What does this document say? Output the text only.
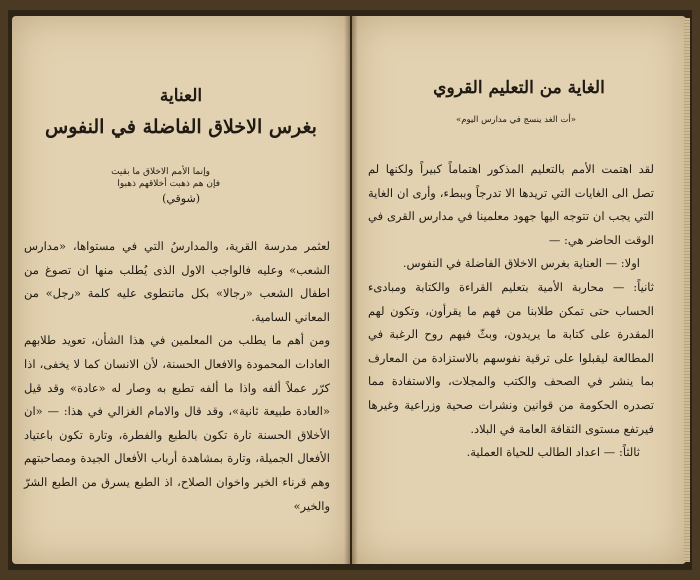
العناية
بغرس الاخلاق الفاضلة في النفوس
وإنما الأمم الاخلاق ما بقيت
فإن هم ذهبت أخلاقهم ذهبوا
(شوقي)

لعثمر مدرسة القرية، والمدارسُ التي في مستواها، «مدارس الشعب» وعليه فالواجب الاول الذى يُطلب منها ان تصوغ من اطفال الشعب «رجالا» بكل ماتنطوى عليه كلمة «رجل» من المعاني السامية.

ومن أهم ما يطلب من المعلمين في هذا الشأن، تعويد طلابهم العادات المحمودة والافعال الحسنة، لأن الانسان كما لا يخفى، اذا كرّر عملاً ألفه واذا ما ألفه تطبع به وصار له «عادة» وقد قيل «العادة طبيعة ثانية»، وقد قال والامام الغزالي في هذا: — «ان الأخلاق الحسنة تارة تكون بالطبع والفطرة، وتارة تكون باعتياد الأفعال الجميلة، وتارة بمشاهدة أرباب الأفعال الجيدة ومصاحبتهم وهم قرناء الخير واخوان الصلاح، اذ الطبع يسرق من الطبع الشرّ والخير»

الغاية من التعليم القروي
«أت الغد ينسج في مدارس اليوم»

لقد اهتمت الأمم بالتعليم المذكور اهتماماً كبيراً ولكنها لم تصل الى الغايات التي تريدها الا تدرجاً وببطء، وأرى ان الغاية التي يجب ان تتوجه اليها جهود معلمينا في مدارس القرى في الوقت الحاضر هي: —

اولا: — العناية بغرس الاخلاق الفاضلة في النفوس.

ثانياً: — محاربة الأمية بتعليم القراءة والكتابة ومبادىء الحساب حتى تمكن طلابنا من فهم ما يقرأون، وتكون لهم المقدرة على كتابة ما يريدون، وبثّ فيهم روح الرغبة في المطالعة ليقبلوا على ترقية نفوسهم بالاستزادة من المعارف بما ينشر في الصحف والكتب والمجلات، والاستفادة مما تصدره الحكومة من قوانين ونشرات صحية وزراعية وغيرها فيرتفع مستوى الثقافة العامة في البلاد.

ثالثاً: — اعداد الطالب للحياة العملية.
